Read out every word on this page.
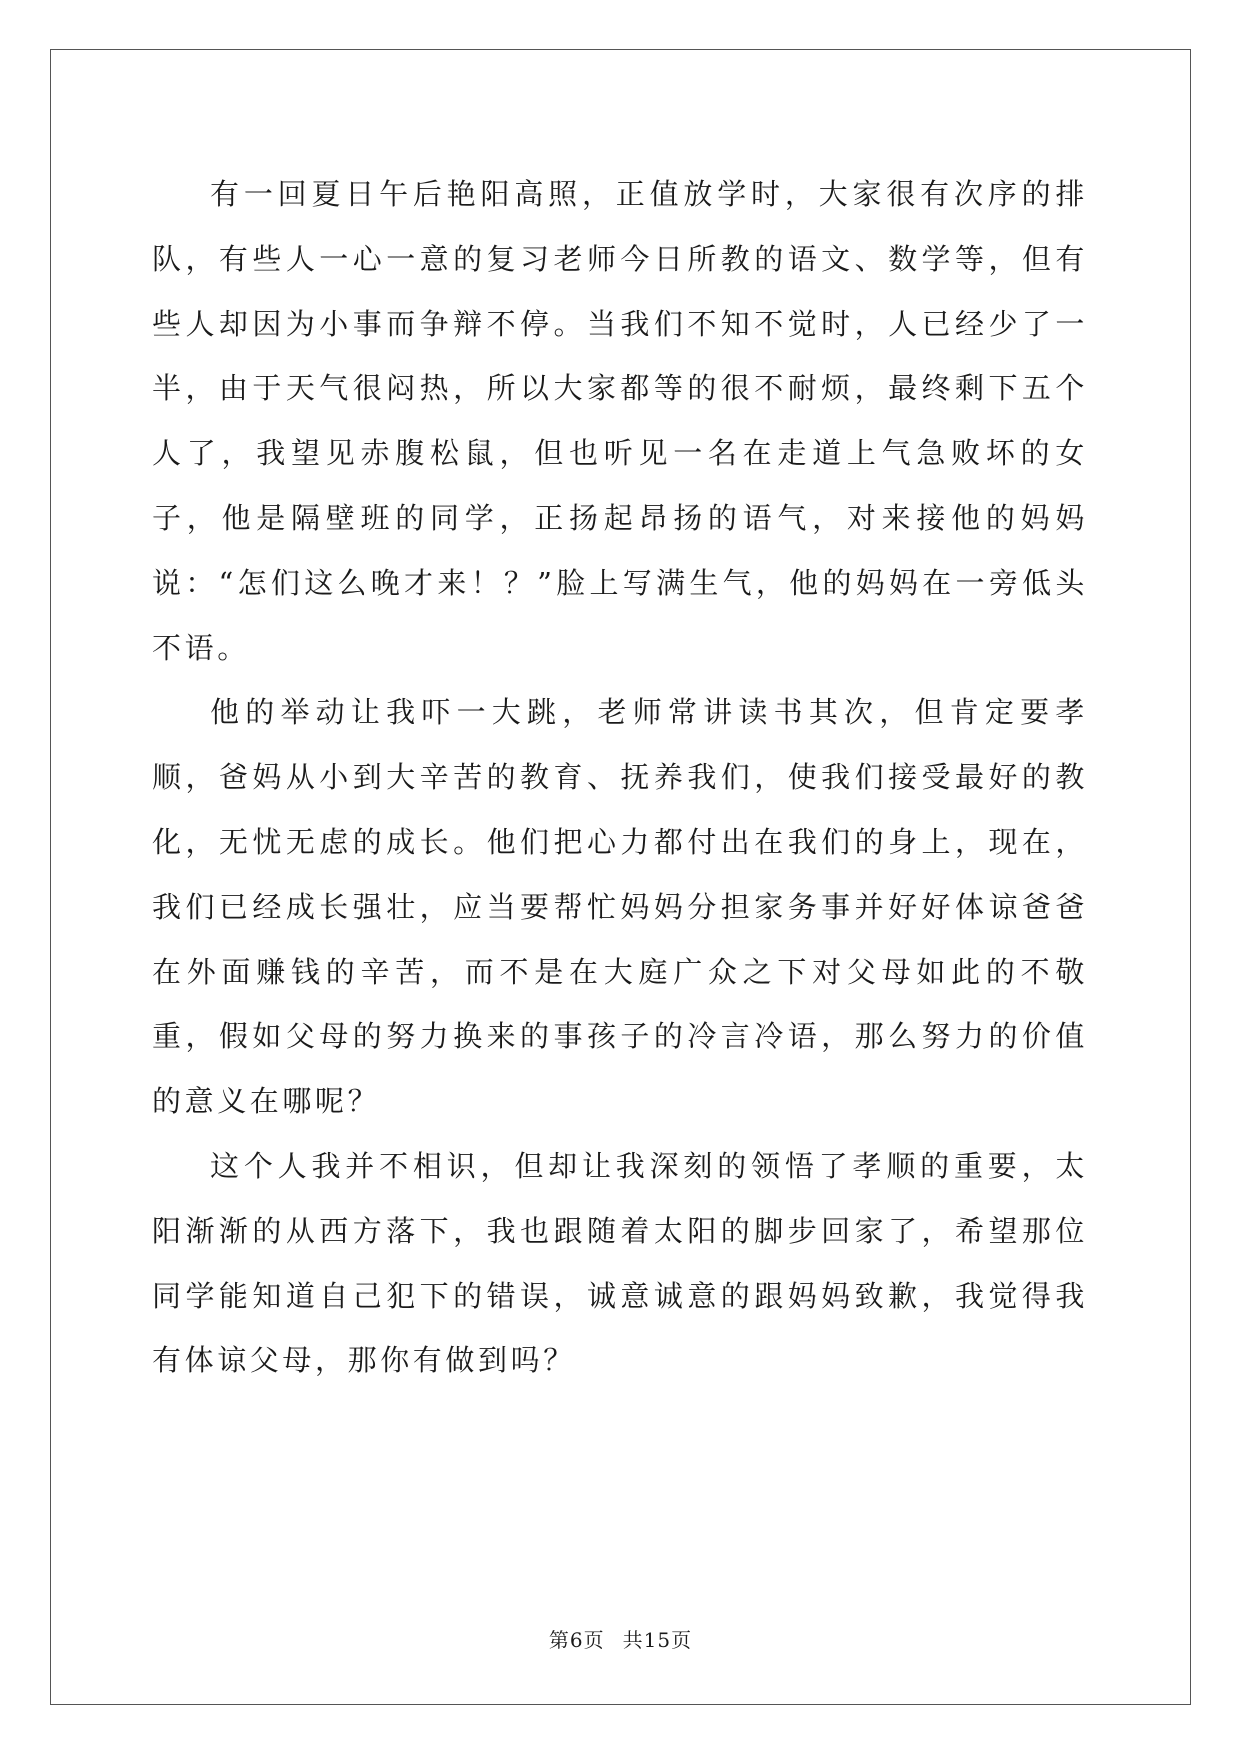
有一回夏日午后艳阳高照，正值放学时，大家很有次序的排队，有些人一心一意的复习老师今日所教的语文、数学等，但有些人却因为小事而争辩不停。当我们不知不觉时，人已经少了一半，由于天气很闷热，所以大家都等的很不耐烦，最终剩下五个人了，我望见赤腹松鼠，但也听见一名在走道上气急败坏的女子，他是隔壁班的同学，正扬起昂扬的语气，对来接他的妈妈说：“怎们这么晚才来！？”脸上写满生气，他的妈妈在一旁低头不语。

他的举动让我吓一大跳，老师常讲读书其次，但肯定要孝顺，爸妈从小到大辛苦的教育、抚养我们，使我们接受最好的教化，无忧无虑的成长。他们把心力都付出在我们的身上，现在，我们已经成长强壮，应当要帮忙妈妈分担家务事并好好体谅爸爸在外面赚钱的辛苦，而不是在大庭广众之下对父母如此的不敬重，假如父母的努力换来的事孩子的冷言冷语，那么努力的价值的意义在哪呢？

这个人我并不相识，但却让我深刻的领悟了孝顺的重要，太阳渐渐的从西方落下，我也跟随着太阳的脚步回家了，希望那位同学能知道自己犯下的错误，诚意诚意的跟妈妈致歉，我觉得我有体谅父母，那你有做到吗？

第6页 共15页
